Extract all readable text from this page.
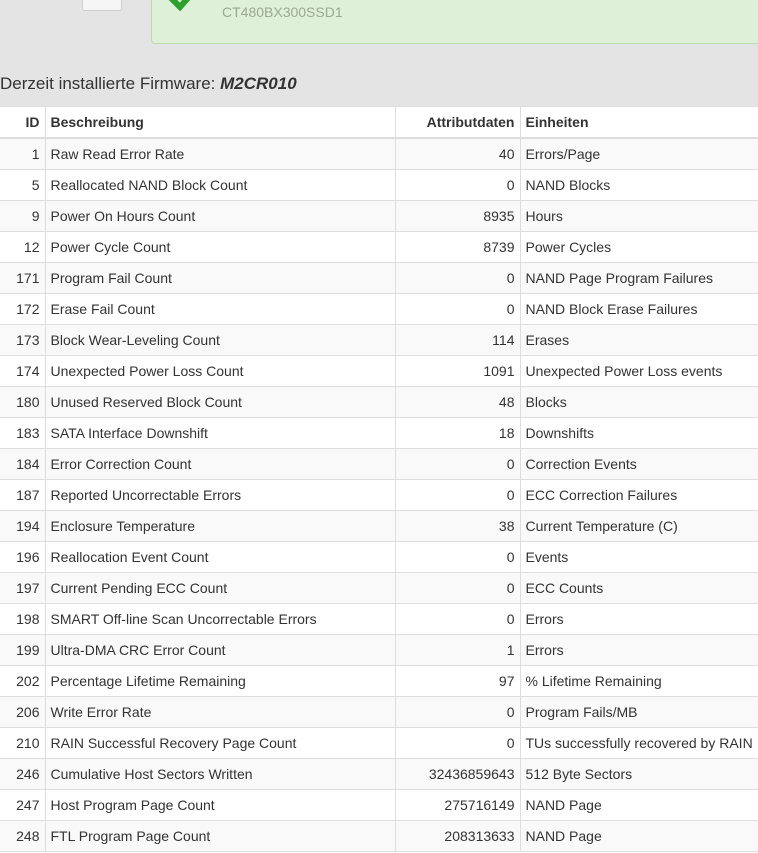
CT480BX300SSD1
Derzeit installierte Firmware: M2CR010
ID	Beschreibung	Attributdaten	Einheiten
1	Raw Read Error Rate	40	Errors/Page
5	Reallocated NAND Block Count	0	NAND Blocks
9	Power On Hours Count	8935	Hours
12	Power Cycle Count	8739	Power Cycles
171	Program Fail Count	0	NAND Page Program Failures
172	Erase Fail Count	0	NAND Block Erase Failures
173	Block Wear-Leveling Count	114	Erases
174	Unexpected Power Loss Count	1091	Unexpected Power Loss events
180	Unused Reserved Block Count	48	Blocks
183	SATA Interface Downshift	18	Downshifts
184	Error Correction Count	0	Correction Events
187	Reported Uncorrectable Errors	0	ECC Correction Failures
194	Enclosure Temperature	38	Current Temperature (C)
196	Reallocation Event Count	0	Events
197	Current Pending ECC Count	0	ECC Counts
198	SMART Off-line Scan Uncorrectable Errors	0	Errors
199	Ultra-DMA CRC Error Count	1	Errors
202	Percentage Lifetime Remaining	97	% Lifetime Remaining
206	Write Error Rate	0	Program Fails/MB
210	RAIN Successful Recovery Page Count	0	TUs successfully recovered by RAIN
246	Cumulative Host Sectors Written	32436859643	512 Byte Sectors
247	Host Program Page Count	275716149	NAND Page
248	FTL Program Page Count	208313633	NAND Page
